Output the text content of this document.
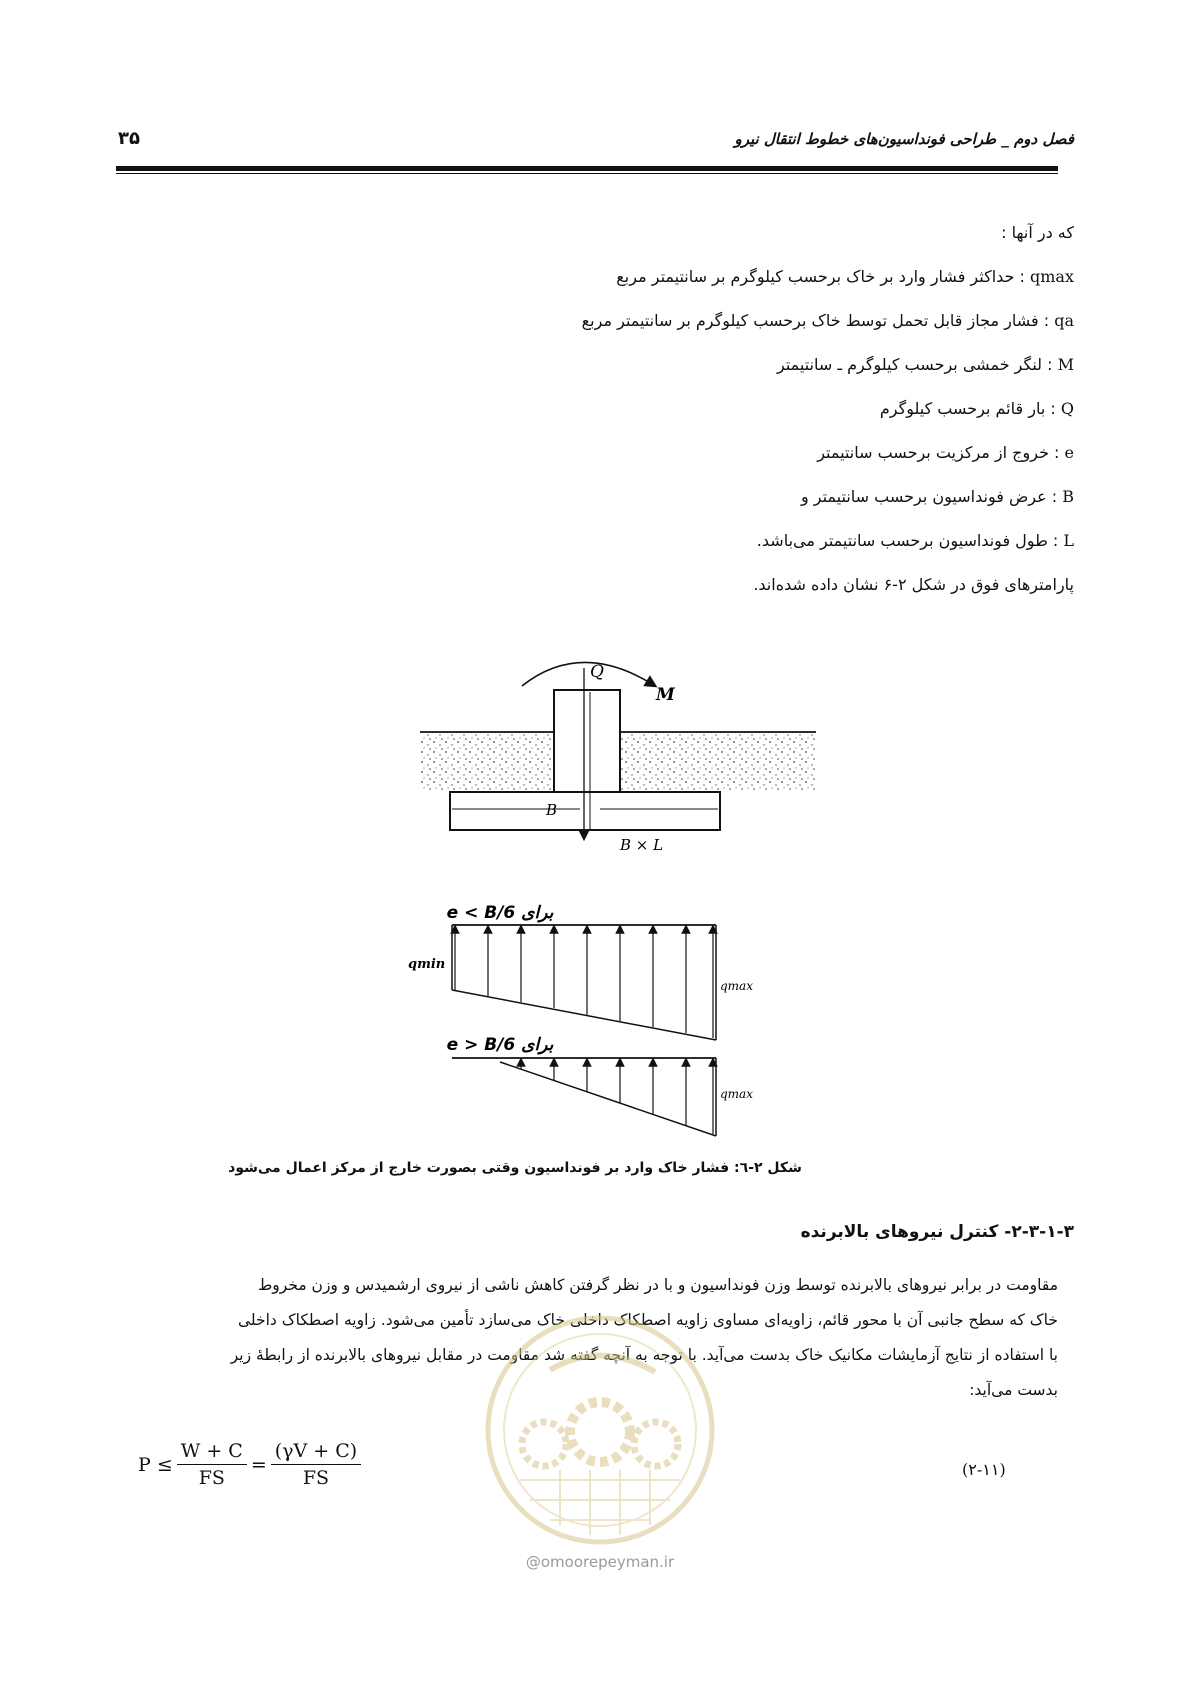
فصل دوم _ طراحی فونداسیون‌های خطوط انتقال نیرو
۳۵
که در آنها :
qmax : حداکثر فشار وارد بر خاک برحسب کیلوگرم بر سانتیمتر مربع
qa : فشار مجاز قابل تحمل توسط خاک برحسب کیلوگرم بر سانتیمتر مربع
M : لنگر خمشی برحسب کیلوگرم ـ سانتیمتر
Q : بار قائم برحسب کیلوگرم
e : خروج از مرکزیت برحسب سانتیمتر
B : عرض فونداسیون برحسب سانتیمتر و
L : طول فونداسیون برحسب سانتیمتر می‌باشد.
پارامترهای فوق در شکل ۲-۶ نشان داده شده‌اند.
Q
M
B
B × L
برای e < B/6
qmin
qmax
برای e > B/6
qmax
شکل ۲-٦: فشار خاک وارد بر فونداسیون وقتی بصورت خارج از مرکز اعمال می‌شود
۲-۳-۱-۳- کنترل نیروهای بالابرنده

مقاومت در برابر نیروهای بالابرنده توسط وزن فونداسیون و با در نظر گرفتن کاهش ناشی از نیروی ارشمیدس و وزن مخروط

خاک که سطح جانبی آن با محور قائم، زاویه‌ای مساوی زاویه اصطکاک داخلی خاک می‌سازد تأمین می‌شود. زاویه اصطکاک داخلی

با استفاده از نتایج آزمایشات مکانیک خاک بدست می‌آید. با توجه به آنچه گفته شد مقاومت در مقابل نیروهای بالابرنده از رابطهٔ زیر

بدست می‌آید:

@omoorepeyman.ir
$P \le \frac{W + C}{FS} = \frac{(\gamma V + C)}{FS}$	(۲-۱۱)
